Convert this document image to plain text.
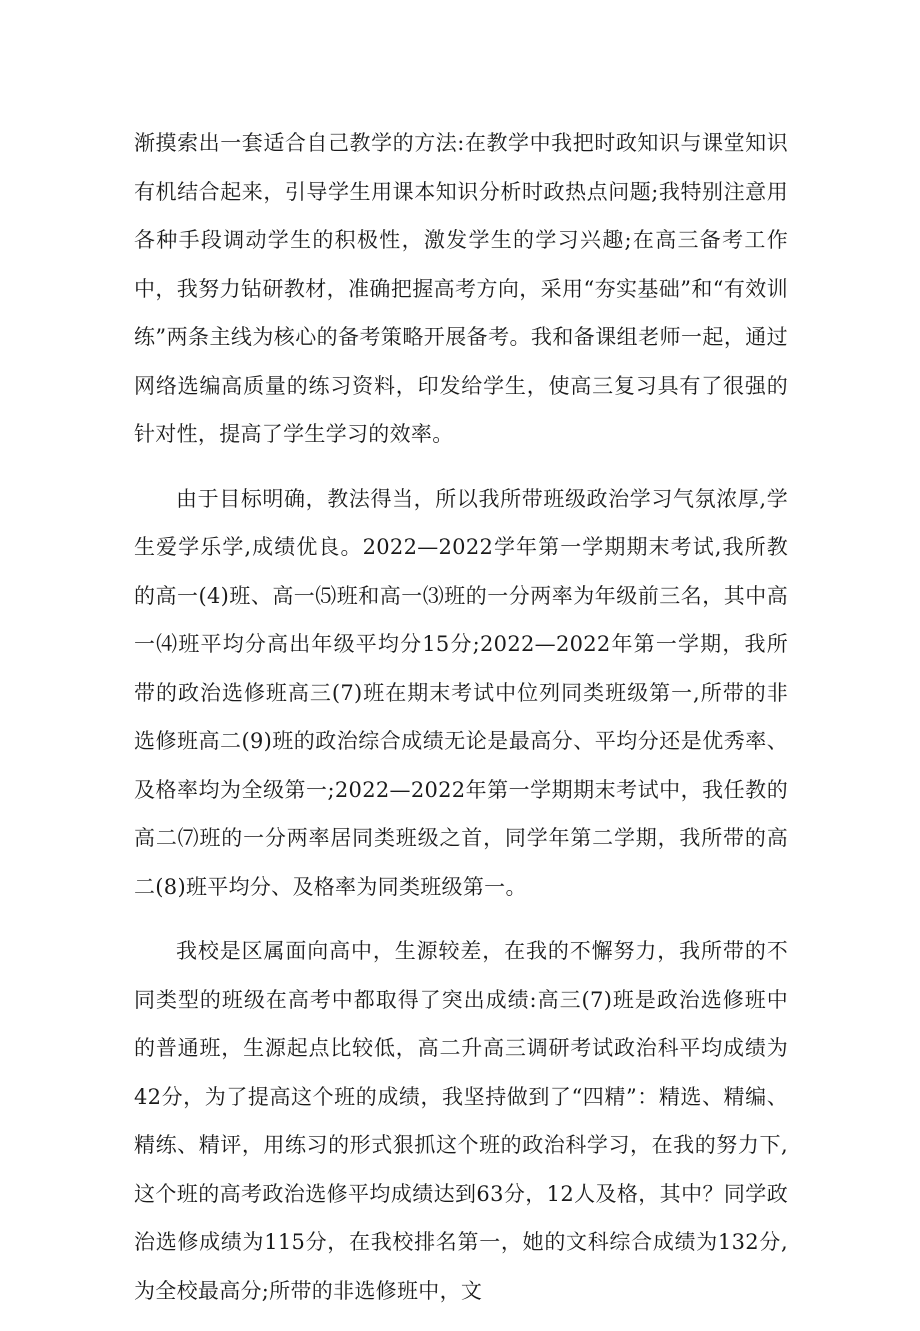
渐摸索出一套适合自己教学的方法:在教学中我把时政知识与课堂知识有机结合起来，引导学生用课本知识分析时政热点问题;我特别注意用各种手段调动学生的积极性，激发学生的学习兴趣;在高三备考工作中，我努力钻研教材，准确把握高考方向，采用“夯实基础”和“有效训练”两条主线为核心的备考策略开展备考。我和备课组老师一起，通过网络选编高质量的练习资料，印发给学生，使高三复习具有了很强的针对性，提高了学生学习的效率。

由于目标明确，教法得当，所以我所带班级政治学习气氛浓厚,学生爱学乐学,成绩优良。2022—2022学年第一学期期末考试,我所教的高一(4)班、高一⑸班和高一⑶班的一分两率为年级前三名，其中高一⑷班平均分高出年级平均分15分;2022—2022年第一学期，我所带的政治选修班高三(7)班在期末考试中位列同类班级第一,所带的非选修班高二(9)班的政治综合成绩无论是最高分、平均分还是优秀率、及格率均为全级第一;2022—2022年第一学期期末考试中，我任教的高二⑺班的一分两率居同类班级之首，同学年第二学期，我所带的高二(8)班平均分、及格率为同类班级第一。

我校是区属面向高中，生源较差，在我的不懈努力，我所带的不同类型的班级在高考中都取得了突出成绩:高三(7)班是政治选修班中的普通班，生源起点比较低，高二升高三调研考试政治科平均成绩为42分，为了提高这个班的成绩，我坚持做到了“四精”：精选、精编、精练、精评，用练习的形式狠抓这个班的政治科学习，在我的努力下,这个班的高考政治选修平均成绩达到63分，12人及格，其中？同学政治选修成绩为115分，在我校排名第一，她的文科综合成绩为132分,为全校最高分;所带的非选修班中，文
